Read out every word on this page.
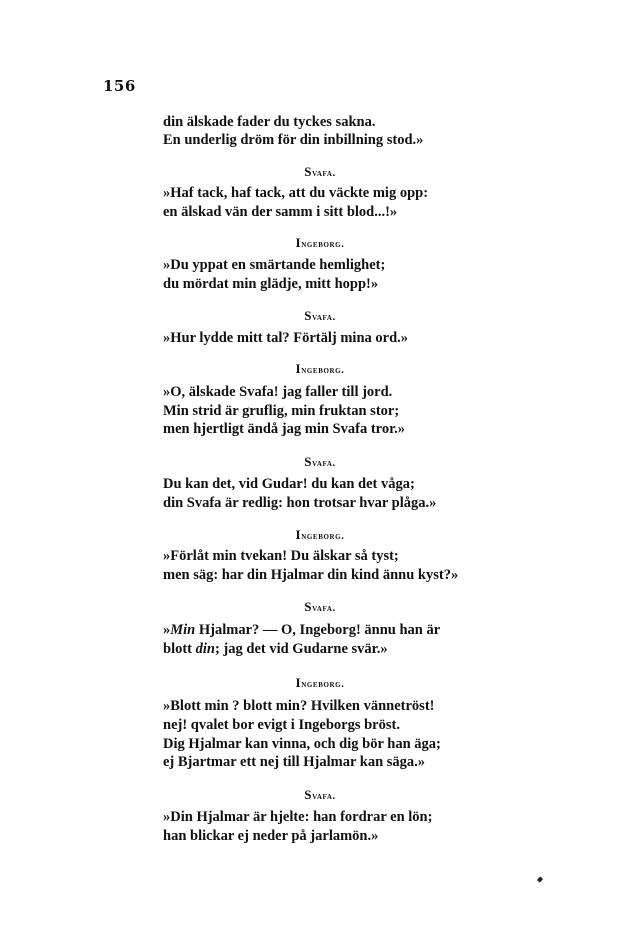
156
din älskade fader du tyckes sakna.
En underlig dröm för din inbillning stod.»
Svafa.
»Haf tack, haf tack, att du väckte mig opp:
en älskad vän der samm i sitt blod...!»
Ingeborg.
»Du yppat en smärtande hemlighet;
du mördat min glädje, mitt hopp!»
Svafa.
»Hur lydde mitt tal? Förtälj mina ord.»
Ingeborg.
»O, älskade Svafa! jag faller till jord.
Min strid är gruflig, min fruktan stor;
men hjertligt ändå jag min Svafa tror.»
Svafa.
Du kan det, vid Gudar! du kan det våga;
din Svafa är redlig: hon trotsar hvar plåga.»
Ingeborg.
»Förlåt min tvekan! Du älskar så tyst;
men säg: har din Hjalmar din kind ännu kyst?»
Svafa.
»Min Hjalmar? — O, Ingeborg! ännu han är
blott din; jag det vid Gudarne svär.»
Ingeborg.
»Blott min ? blott min? Hvilken vännetröst!
nej! qvalet bor evigt i Ingeborgs bröst.
Dig Hjalmar kan vinna, och dig bör han äga;
ej Bjartmar ett nej till Hjalmar kan säga.»
Svafa.
»Din Hjalmar är hjelte: han fordrar en lön;
han blickar ej neder på jarlamön.»
